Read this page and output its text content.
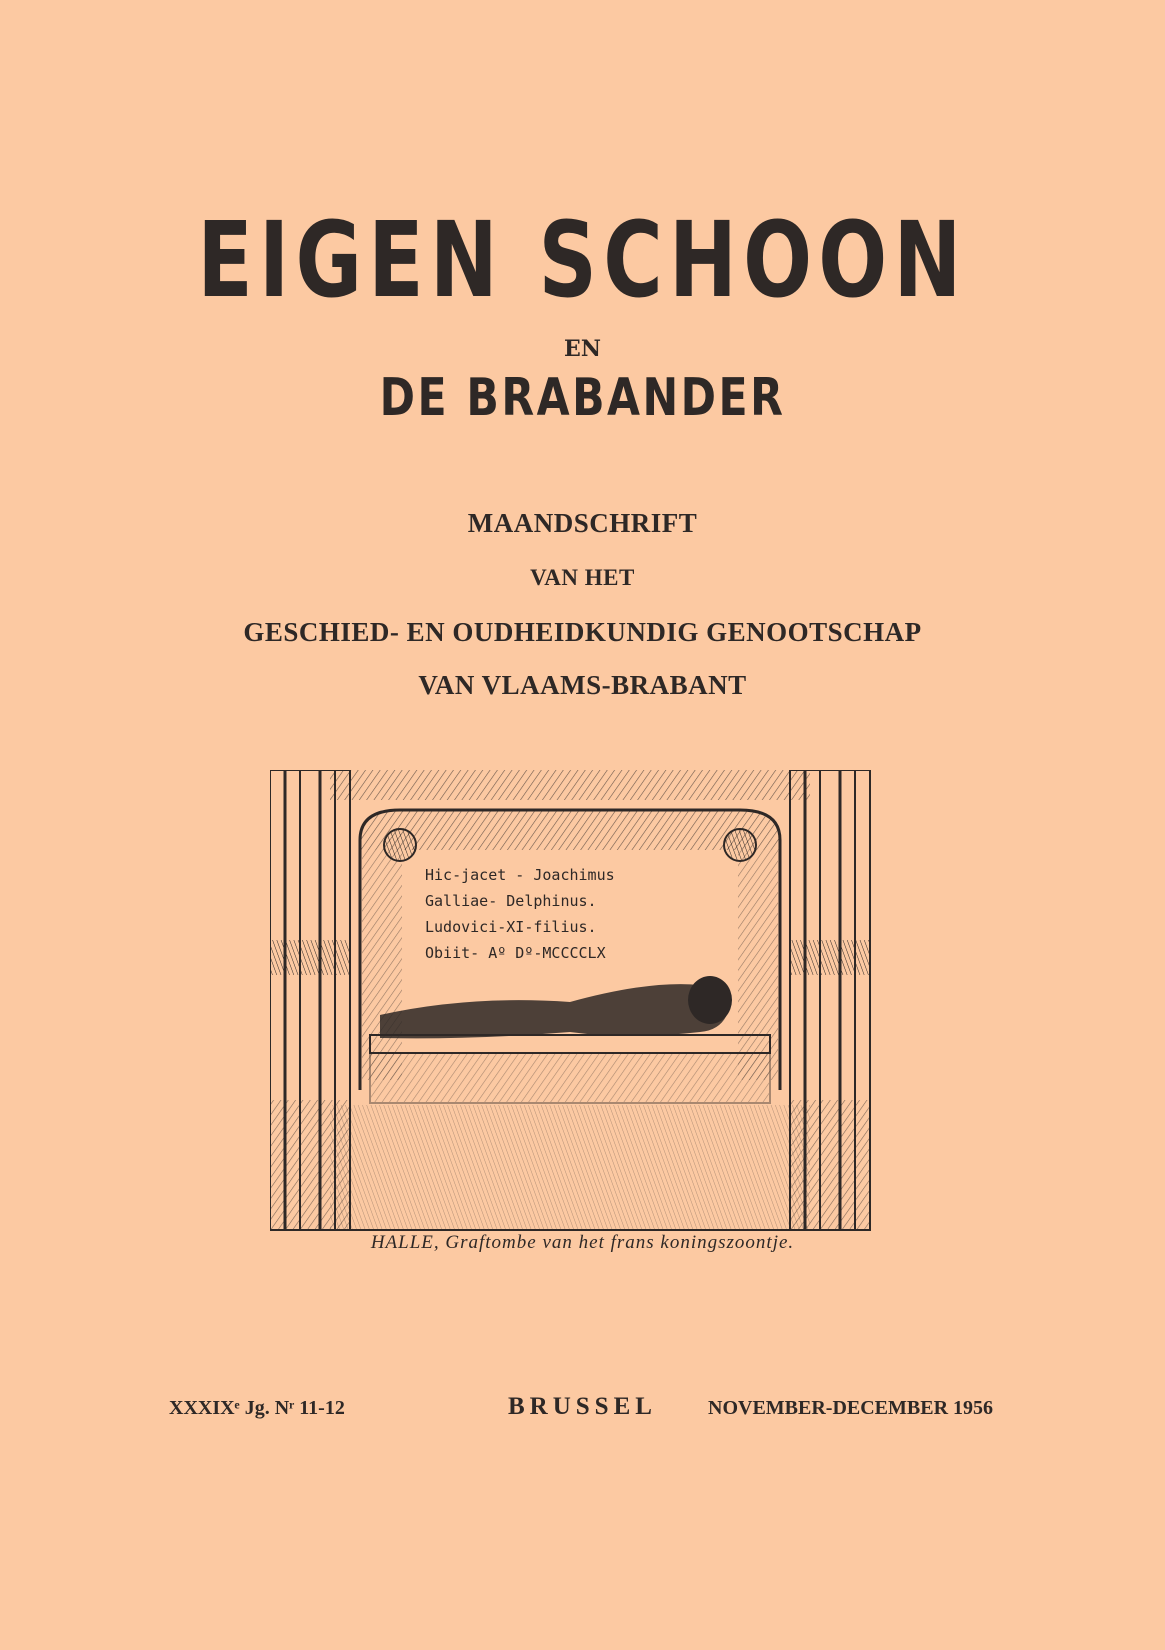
EIGEN SCHOON
EN
DE BRABANDER
MAANDSCHRIFT
VAN HET
GESCHIED- EN OUDHEIDKUNDIG GENOOTSCHAP
VAN VLAAMS-BRABANT
Hic-jacet - Joachimus
Galliae- Delphinus.
Ludovici-XI-filius.
Obiit- Aº Dº-MCCCCLX
HALLE, Graftombe van het frans koningszoontje.
XXXIXᵉ Jg. Nʳ 11-12	BRUSSEL	NOVEMBER-DECEMBER 1956
